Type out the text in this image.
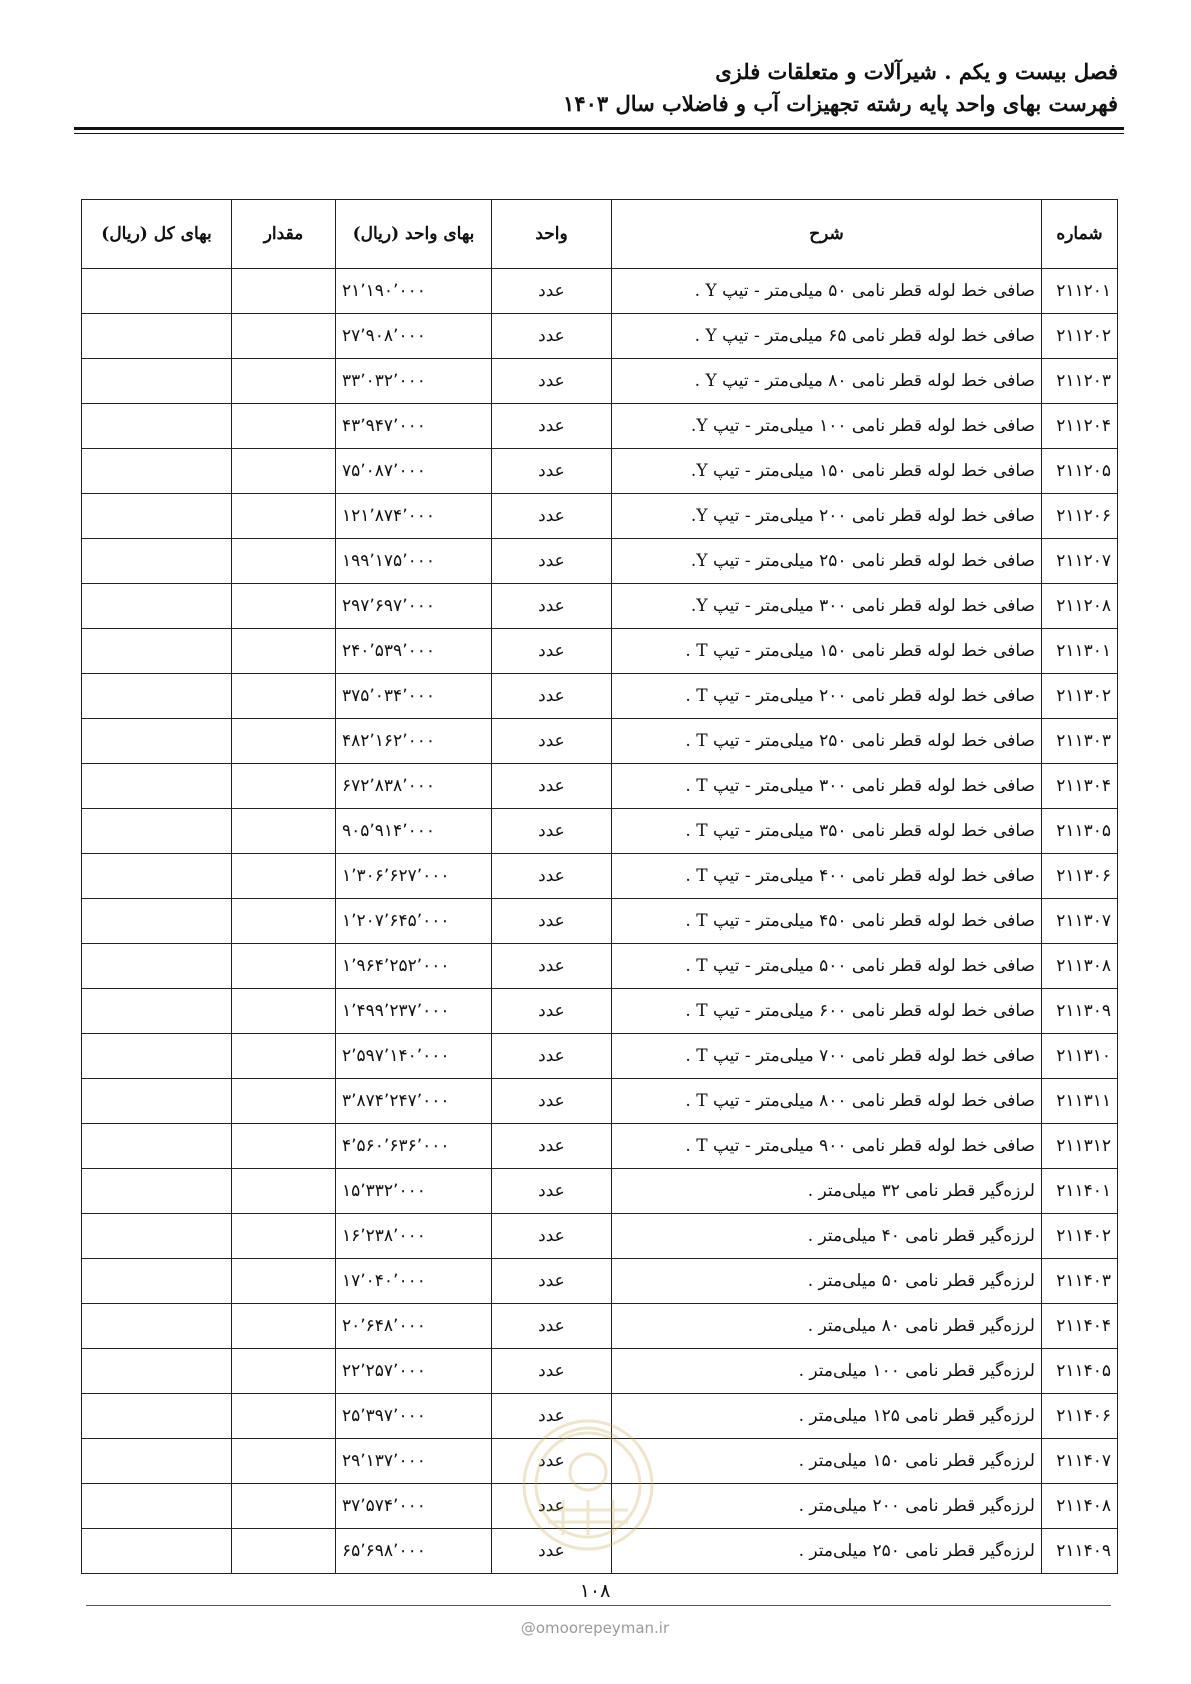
فصل بیست و یکم . شیرآلات و متعلقات فلزی
فهرست بهای واحد پایه رشته تجهیزات آب و فاضلاب سال ۱۴۰۳
شماره	شرح	واحد	بهای واحد (ریال)	مقدار	بهای کل (ریال)
۲۱۱۲۰۱	صافی خط لوله قطر نامی ۵۰ میلی‌متر - تیپ Y .	عدد	۲۱٬۱۹۰٬۰۰۰		
۲۱۱۲۰۲	صافی خط لوله قطر نامی ۶۵ میلی‌متر - تیپ Y .	عدد	۲۷٬۹۰۸٬۰۰۰		
۲۱۱۲۰۳	صافی خط لوله قطر نامی ۸۰ میلی‌متر - تیپ Y .	عدد	۳۳٬۰۳۲٬۰۰۰		
۲۱۱۲۰۴	صافی خط لوله قطر نامی ۱۰۰ میلی‌متر - تیپ Y.	عدد	۴۳٬۹۴۷٬۰۰۰		
۲۱۱۲۰۵	صافی خط لوله قطر نامی ۱۵۰ میلی‌متر - تیپ Y.	عدد	۷۵٬۰۸۷٬۰۰۰		
۲۱۱۲۰۶	صافی خط لوله قطر نامی ۲۰۰ میلی‌متر - تیپ Y.	عدد	۱۲۱٬۸۷۴٬۰۰۰		
۲۱۱۲۰۷	صافی خط لوله قطر نامی ۲۵۰ میلی‌متر - تیپ Y.	عدد	۱۹۹٬۱۷۵٬۰۰۰		
۲۱۱۲۰۸	صافی خط لوله قطر نامی ۳۰۰ میلی‌متر - تیپ Y.	عدد	۲۹۷٬۶۹۷٬۰۰۰		
۲۱۱۳۰۱	صافی خط لوله قطر نامی ۱۵۰ میلی‌متر - تیپ T .	عدد	۲۴۰٬۵۳۹٬۰۰۰		
۲۱۱۳۰۲	صافی خط لوله قطر نامی ۲۰۰ میلی‌متر - تیپ T .	عدد	۳۷۵٬۰۳۴٬۰۰۰		
۲۱۱۳۰۳	صافی خط لوله قطر نامی ۲۵۰ میلی‌متر - تیپ T .	عدد	۴۸۲٬۱۶۲٬۰۰۰		
۲۱۱۳۰۴	صافی خط لوله قطر نامی ۳۰۰ میلی‌متر - تیپ T .	عدد	۶۷۲٬۸۳۸٬۰۰۰		
۲۱۱۳۰۵	صافی خط لوله قطر نامی ۳۵۰ میلی‌متر - تیپ T .	عدد	۹۰۵٬۹۱۴٬۰۰۰		
۲۱۱۳۰۶	صافی خط لوله قطر نامی ۴۰۰ میلی‌متر - تیپ T .	عدد	۱٬۳۰۶٬۶۲۷٬۰۰۰		
۲۱۱۳۰۷	صافی خط لوله قطر نامی ۴۵۰ میلی‌متر - تیپ T .	عدد	۱٬۲۰۷٬۶۴۵٬۰۰۰		
۲۱۱۳۰۸	صافی خط لوله قطر نامی ۵۰۰ میلی‌متر - تیپ T .	عدد	۱٬۹۶۴٬۲۵۲٬۰۰۰		
۲۱۱۳۰۹	صافی خط لوله قطر نامی ۶۰۰ میلی‌متر - تیپ T .	عدد	۱٬۴۹۹٬۲۳۷٬۰۰۰		
۲۱۱۳۱۰	صافی خط لوله قطر نامی ۷۰۰ میلی‌متر - تیپ T .	عدد	۲٬۵۹۷٬۱۴۰٬۰۰۰		
۲۱۱۳۱۱	صافی خط لوله قطر نامی ۸۰۰ میلی‌متر - تیپ T .	عدد	۳٬۸۷۴٬۲۴۷٬۰۰۰		
۲۱۱۳۱۲	صافی خط لوله قطر نامی ۹۰۰ میلی‌متر - تیپ T .	عدد	۴٬۵۶۰٬۶۳۶٬۰۰۰		
۲۱۱۴۰۱	لرزه‌گیر قطر نامی ۳۲ میلی‌متر .	عدد	۱۵٬۳۳۲٬۰۰۰		
۲۱۱۴۰۲	لرزه‌گیر قطر نامی ۴۰ میلی‌متر .	عدد	۱۶٬۲۳۸٬۰۰۰		
۲۱۱۴۰۳	لرزه‌گیر قطر نامی ۵۰ میلی‌متر .	عدد	۱۷٬۰۴۰٬۰۰۰		
۲۱۱۴۰۴	لرزه‌گیر قطر نامی ۸۰ میلی‌متر .	عدد	۲۰٬۶۴۸٬۰۰۰		
۲۱۱۴۰۵	لرزه‌گیر قطر نامی ۱۰۰ میلی‌متر .	عدد	۲۲٬۲۵۷٬۰۰۰		
۲۱۱۴۰۶	لرزه‌گیر قطر نامی ۱۲۵ میلی‌متر .	عدد	۲۵٬۳۹۷٬۰۰۰		
۲۱۱۴۰۷	لرزه‌گیر قطر نامی ۱۵۰ میلی‌متر .	عدد	۲۹٬۱۳۷٬۰۰۰		
۲۱۱۴۰۸	لرزه‌گیر قطر نامی ۲۰۰ میلی‌متر .	عدد	۳۷٬۵۷۴٬۰۰۰		
۲۱۱۴۰۹	لرزه‌گیر قطر نامی ۲۵۰ میلی‌متر .	عدد	۶۵٬۶۹۸٬۰۰۰		
۱۰۸
@omoorepeyman.ir
